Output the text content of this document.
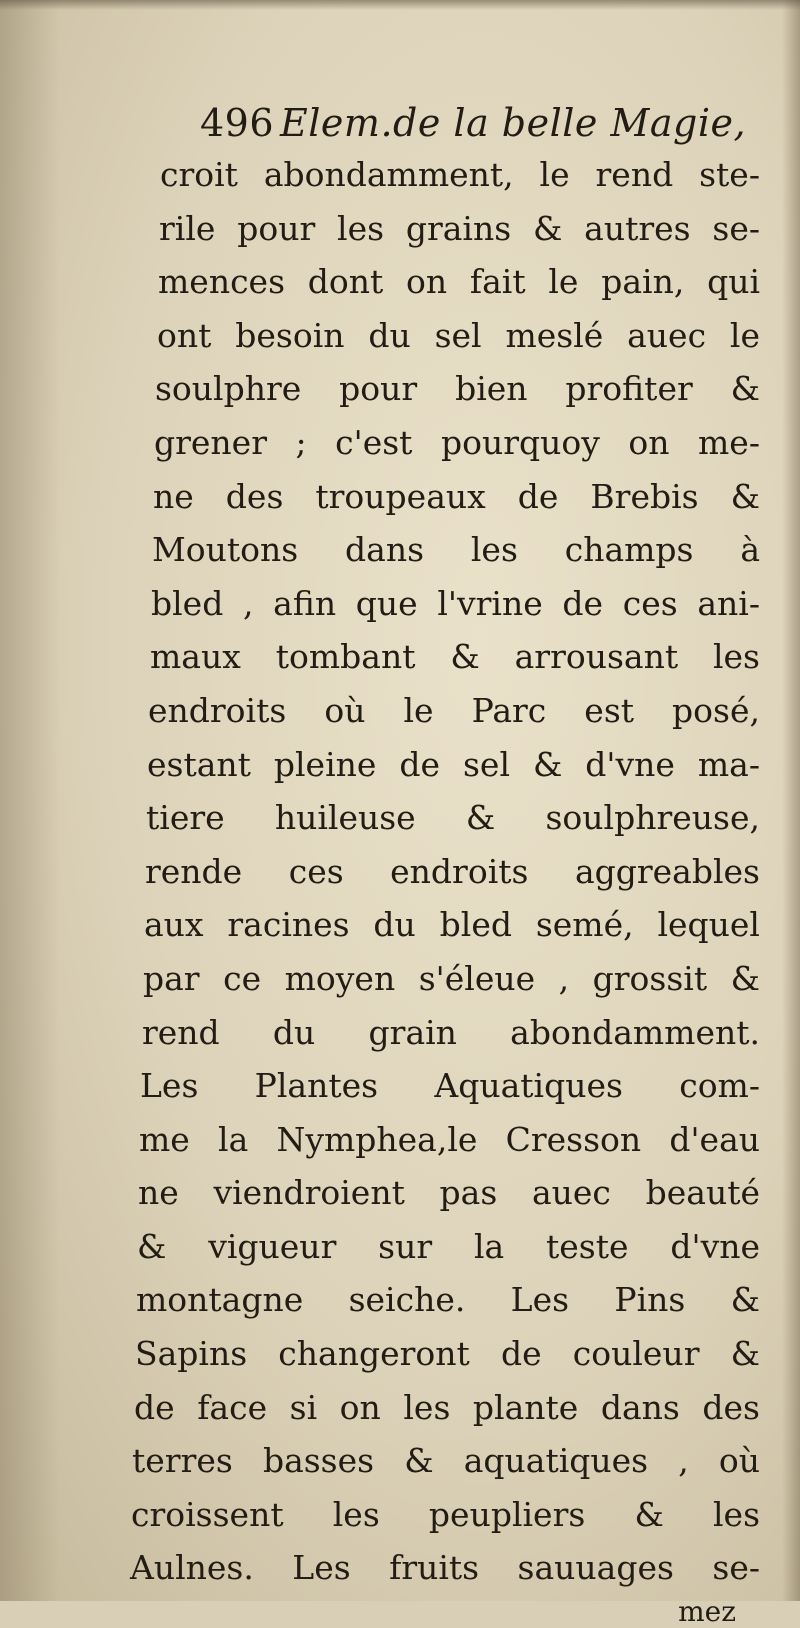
496 Elem.de la belle Magie,
croit abondamment, le rend ste-
rile pour les grains & autres se-
mences dont on fait le pain, qui
ont besoin du sel meslé auec le
soulphre pour bien profiter &
grener ; c'est pourquoy on me-
ne des troupeaux de Brebis &
Moutons dans les champs à
bled , afin que l'vrine de ces ani-
maux tombant & arrousant les
endroits où le Parc est posé,
estant pleine de sel & d'vne ma-
tiere huileuse & soulphreuse,
rende ces endroits aggreables
aux racines du bled semé, lequel
par ce moyen s'éleue , grossit &
rend du grain abondamment.
Les Plantes Aquatiques com-
me la Nymphea,le Cresson d'eau
ne viendroient pas auec beauté
& vigueur sur la teste d'vne
montagne seiche. Les Pins &
Sapins changeront de couleur &
de face si on les plante dans des
terres basses & aquatiques , où
croissent les peupliers & les
Aulnes. Les fruits sauuages se-
mez
